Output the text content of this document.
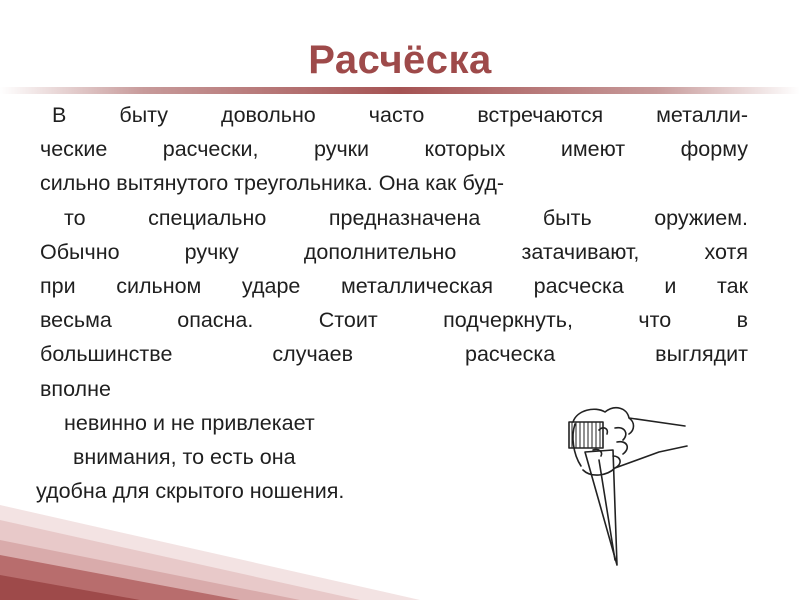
Расчёска
В быту довольно часто встречаются металли-
ческие расчески, ручки которых имеют форму
сильно вытянутого треугольника. Она как буд-
то специально предназначена быть оружием.
Обычно ручку дополнительно затачивают, хотя
при сильном ударе металлическая расческа и так
весьма опасна. Стоит подчеркнуть, что в
большинстве случаев	расческа выглядит
вполне
невинно и не привлекает
внимания, то есть она
удобна для скрытого ношения.
